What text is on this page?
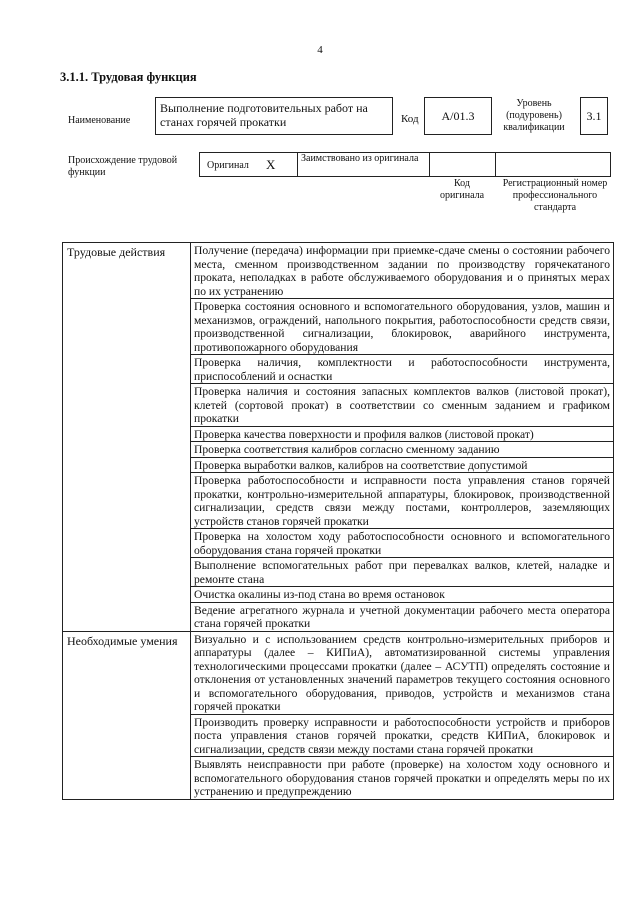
4
3.1.1. Трудовая функция
Наименование
Выполнение подготовительных работ на станах горячей прокатки	Код	А/01.3
Уровень (подуровень) квалификации
3.1
Происхождение трудовой функции
Оригинал X	Заимствовано из оригинала
Код оригинала
Регистрационный номер профессионального стандарта
Трудовые действия	Получение (передача) информации при приемке-сдаче смены о состоянии рабочего места, сменном производственном задании по производству горячекатаного проката, неполадках в работе обслуживаемого оборудования и о принятых мерах по их устранению
	Проверка состояния основного и вспомогательного оборудования, узлов, машин и механизмов, ограждений, напольного покрытия, работоспособности средств связи, производственной сигнализации, блокировок, аварийного инструмента, противопожарного оборудования
	Проверка наличия, комплектности и работоспособности инструмента, приспособлений и оснастки
	Проверка наличия и состояния запасных комплектов валков (листовой прокат), клетей (сортовой прокат) в соответствии со сменным заданием и графиком прокатки
	Проверка качества поверхности и профиля валков (листовой прокат)
	Проверка соответствия калибров согласно сменному заданию
	Проверка выработки валков, калибров на соответствие допустимой
	Проверка работоспособности и исправности поста управления станов горячей прокатки, контрольно-измерительной аппаратуры, блокировок, производственной сигнализации, средств связи между постами, контроллеров, заземляющих устройств станов горячей прокатки
	Проверка на холостом ходу работоспособности основного и вспомогательного оборудования стана горячей прокатки
	Выполнение вспомогательных работ при перевалках валков, клетей, наладке и ремонте стана
	Очистка окалины из-под стана во время остановок
	Ведение агрегатного журнала и учетной документации рабочего места оператора стана горячей прокатки
Необходимые умения	Визуально и с использованием средств контрольно-измерительных приборов и аппаратуры (далее – КИПиА), автоматизированной системы управления технологическими процессами прокатки (далее – АСУТП) определять состояние и отклонения от установленных значений параметров текущего состояния основного и вспомогательного оборудования, приводов, устройств и механизмов стана горячей прокатки
	Производить проверку исправности и работоспособности устройств и приборов поста управления станов горячей прокатки, средств КИПиА, блокировок и сигнализации, средств связи между постами стана горячей прокатки
	Выявлять неисправности при работе (проверке) на холостом ходу основного и вспомогательного оборудования станов горячей прокатки и определять меры по их устранению и предупреждению
